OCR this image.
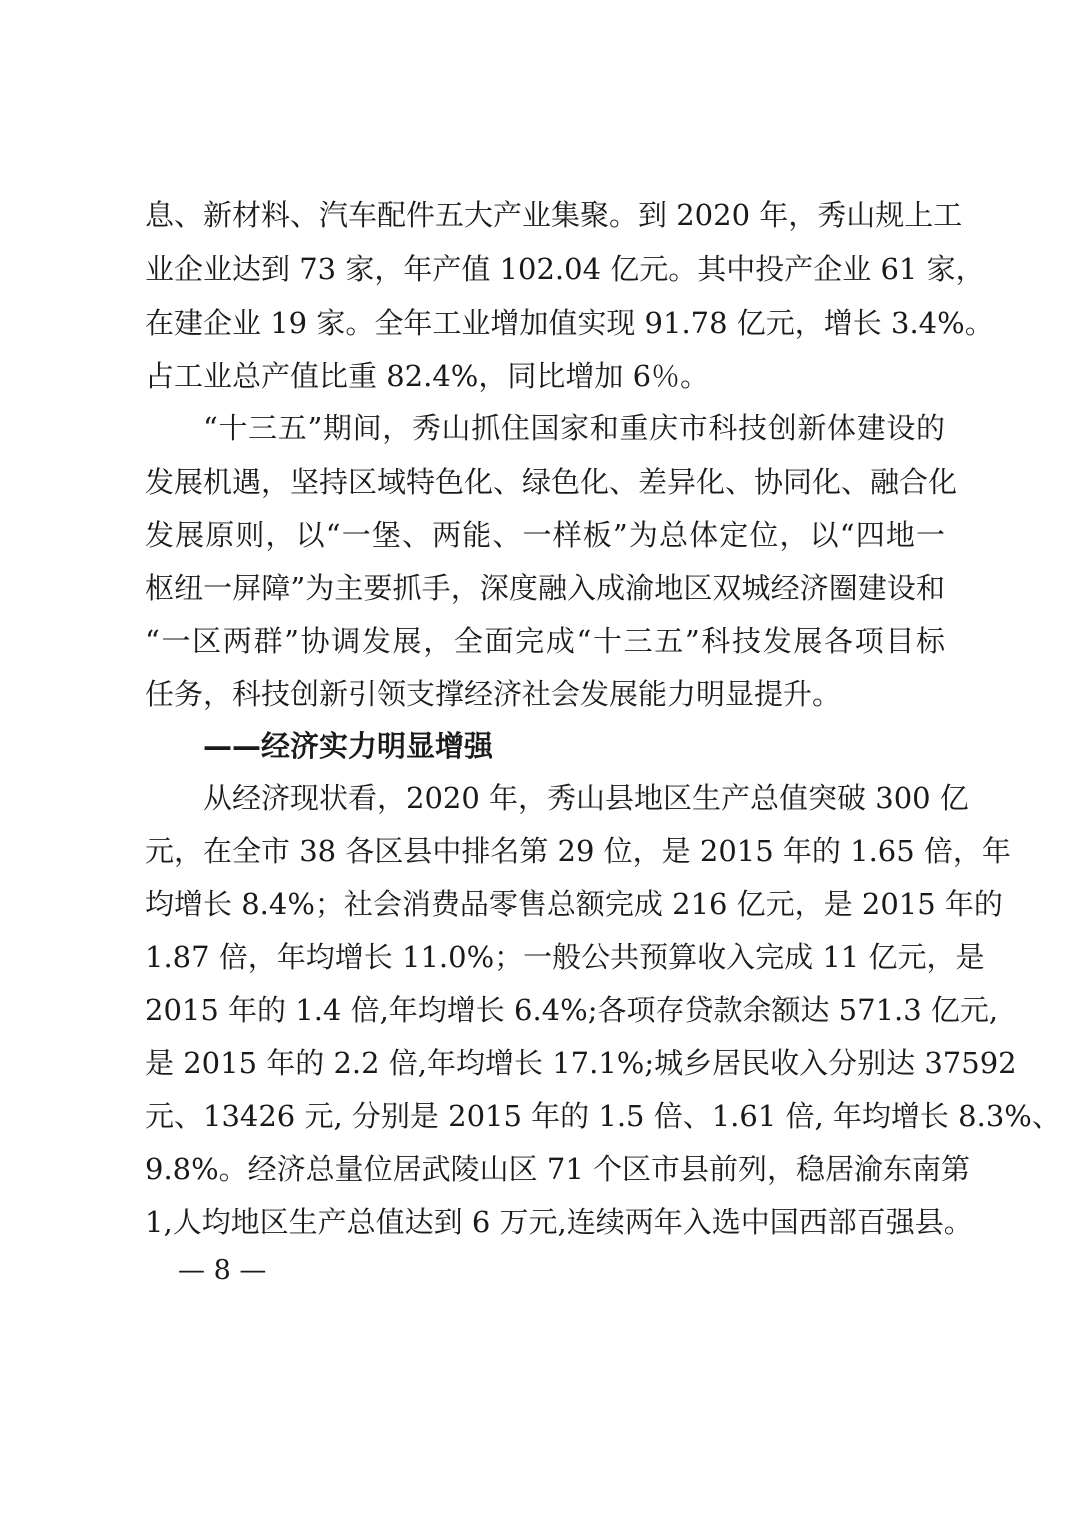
息、新材料、汽车配件五大产业集聚。到 2020 年，秀山规上工
业企业达到 73 家，年产值 102.04 亿元。其中投产企业 61 家，
在建企业 19 家。全年工业增加值实现 91.78 亿元，增长 3.4%。
占工业总产值比重 82.4%，同比增加 6％。
“十三五”期间，秀山抓住国家和重庆市科技创新体建设的
发展机遇，坚持区域特色化、绿色化、差异化、协同化、融合化
发展原则，以“一堡、两能、一样板”为总体定位，以“四地一
枢纽一屏障”为主要抓手，深度融入成渝地区双城经济圈建设和
“一区两群”协调发展，全面完成“十三五”科技发展各项目标
任务，科技创新引领支撑经济社会发展能力明显提升。
——经济实力明显增强
从经济现状看，2020 年，秀山县地区生产总值突破 300 亿
元，在全市 38 各区县中排名第 29 位，是 2015 年的 1.65 倍，年
均增长 8.4%；社会消费品零售总额完成 216 亿元，是 2015 年的
1.87 倍，年均增长 11.0%；一般公共预算收入完成 11 亿元，是
2015 年的 1.4 倍,年均增长 6.4%;各项存贷款余额达 571.3 亿元,
是 2015 年的 2.2 倍,年均增长 17.1%;城乡居民收入分别达 37592
元、13426 元, 分别是 2015 年的 1.5 倍、1.61 倍, 年均增长 8.3%、
9.8%。经济总量位居武陵山区 71 个区市县前列，稳居渝东南第
1,人均地区生产总值达到 6 万元,连续两年入选中国西部百强县。
— 8 —
